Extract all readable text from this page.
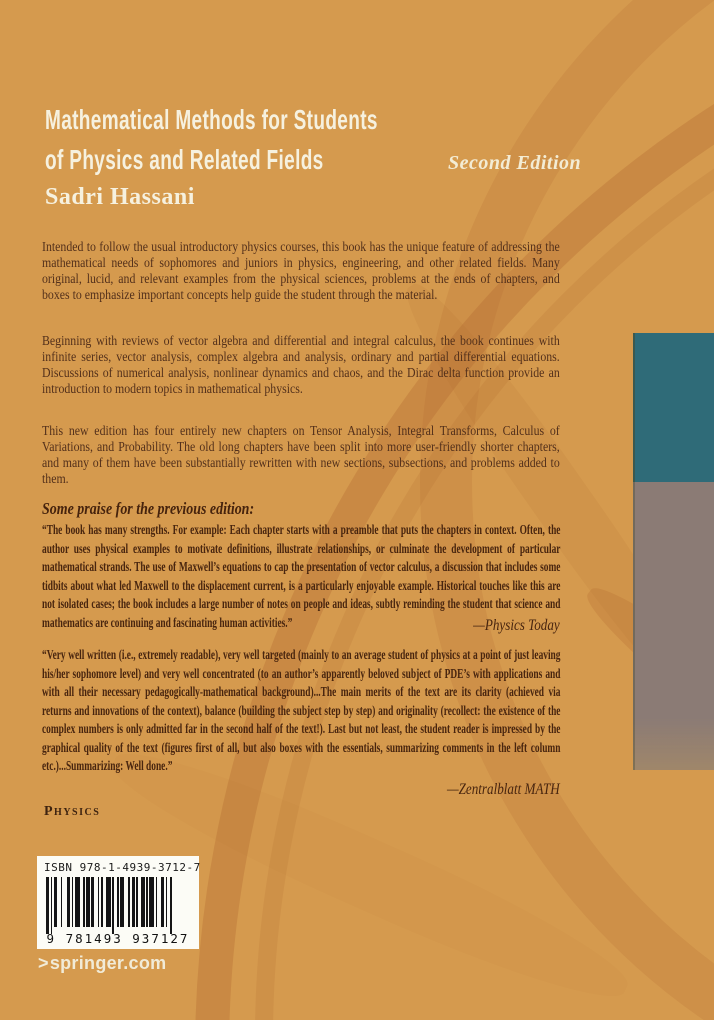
Mathematical Methods for Students
of Physics and Related Fields	Second Edition
Sadri Hassani
Intended to follow the usual introductory physics courses, this book has the unique feature of addressing the mathematical needs of sophomores and juniors in physics, engineering, and other related fields. Many original, lucid, and relevant examples from the physical sciences, problems at the ends of chapters, and boxes to emphasize important concepts help guide the student through the material.
Beginning with reviews of vector algebra and differential and integral calculus, the book continues with infinite series, vector analysis, complex algebra and analysis, ordinary and partial differential equations. Discussions of numerical analysis, nonlinear dynamics and chaos, and the Dirac delta function provide an introduction to modern topics in mathematical physics.
This new edition has four entirely new chapters on Tensor Analysis, Integral Transforms, Calculus of Variations, and Probability. The old long chapters have been split into more user-friendly shorter chapters, and many of them have been substantially rewritten with new sections, subsections, and problems added to them.
Some praise for the previous edition:
“The book has many strengths. For example: Each chapter starts with a preamble that puts the chapters in context. Often, the author uses physical examples to motivate definitions, illustrate relationships, or culminate the development of particular mathematical strands. The use of Maxwell’s equations to cap the presentation of vector calculus, a discussion that includes some tidbits about what led Maxwell to the displacement current, is a particularly enjoyable example. Historical touches like this are not isolated cases; the book includes a large number of notes on people and ideas, subtly reminding the student that science and mathematics are continuing and fascinating human activities.”	—Physics Today
“Very well written (i.e., extremely readable), very well targeted (mainly to an average student of physics at a point of just leaving his/her sophomore level) and very well concentrated (to an author’s apparently beloved subject of PDE’s with applications and with all their necessary pedagogically-mathematical background)...The main merits of the text are its clarity (achieved via returns and innovations of the context), balance (building the subject step by step) and originality (recollect: the existence of the complex numbers is only admitted far in the second half of the text!). Last but not least, the student reader is impressed by the graphical quality of the text (figures first of all, but also boxes with the essentials, summarizing comments in the left column etc.)...Summarizing: Well done.”
—Zentralblatt MATH
Physics
ISBN 978-1-4939-3712-7
9 781493 937127
>springer.com
